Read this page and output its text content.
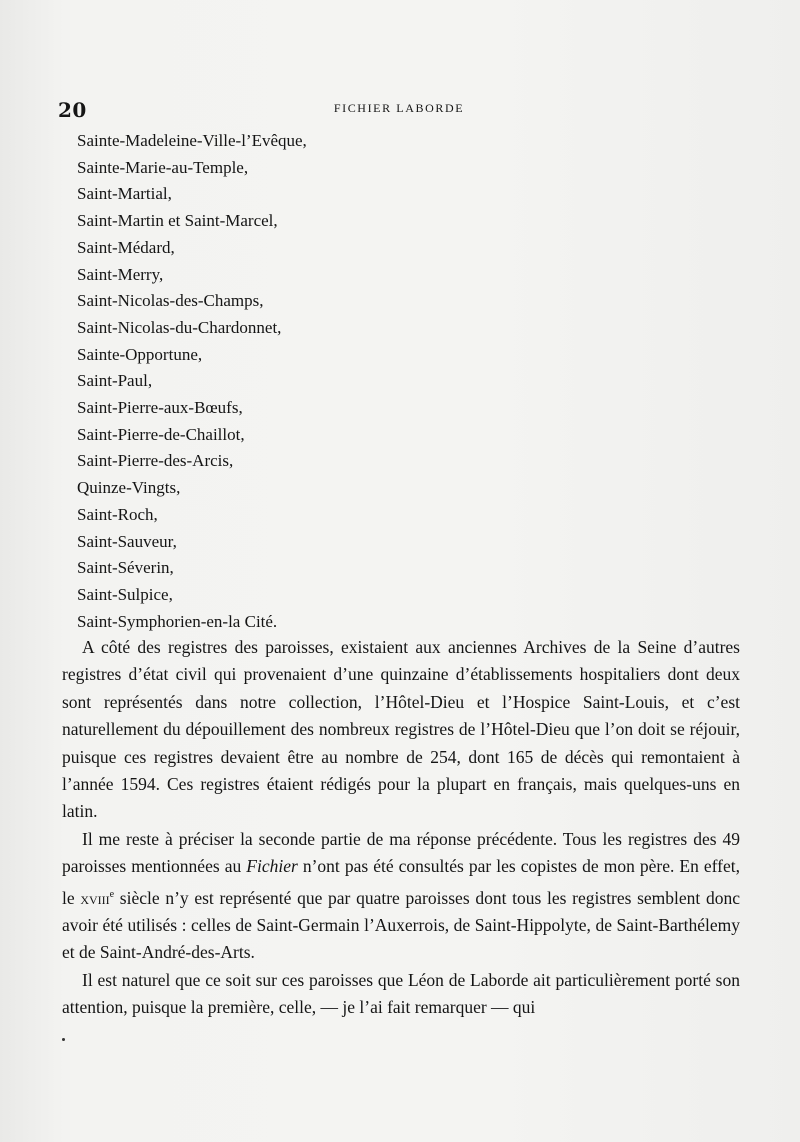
20	FICHIER LABORDE
Sainte-Madeleine-Ville-l’Evêque,
Sainte-Marie-au-Temple,
Saint-Martial,
Saint-Martin et Saint-Marcel,
Saint-Médard,
Saint-Merry,
Saint-Nicolas-des-Champs,
Saint-Nicolas-du-Chardonnet,
Sainte-Opportune,
Saint-Paul,
Saint-Pierre-aux-Bœufs,
Saint-Pierre-de-Chaillot,
Saint-Pierre-des-Arcis,
Quinze-Vingts,
Saint-Roch,
Saint-Sauveur,
Saint-Séverin,
Saint-Sulpice,
Saint-Symphorien-en-la Cité.

A côté des registres des paroisses, existaient aux anciennes Archives de la Seine d’autres registres d’état civil qui provenaient d’une quinzaine d’établissements hospitaliers dont deux sont représentés dans notre collection, l’Hôtel-Dieu et l’Hospice Saint-Louis, et c’est naturellement du dépouillement des nombreux registres de l’Hôtel-Dieu que l’on doit se réjouir, puisque ces registres devaient être au nombre de 254, dont 165 de décès qui remontaient à l’année 1594. Ces registres étaient rédigés pour la plupart en français, mais quelques-uns en latin.

Il me reste à préciser la seconde partie de ma réponse précédente. Tous les registres des 49 paroisses mentionnées au Fichier n’ont pas été consultés par les copistes de mon père. En effet, le xviii$^e$ siècle n’y est représenté que par quatre paroisses dont tous les registres semblent donc avoir été utilisés : celles de Saint-Germain l’Auxerrois, de Saint-Hippolyte, de Saint-Barthélemy et de Saint-André-des-Arts.

Il est naturel que ce soit sur ces paroisses que Léon de Laborde ait particulièrement porté son attention, puisque la première, celle, — je l’ai fait remarquer — qui
